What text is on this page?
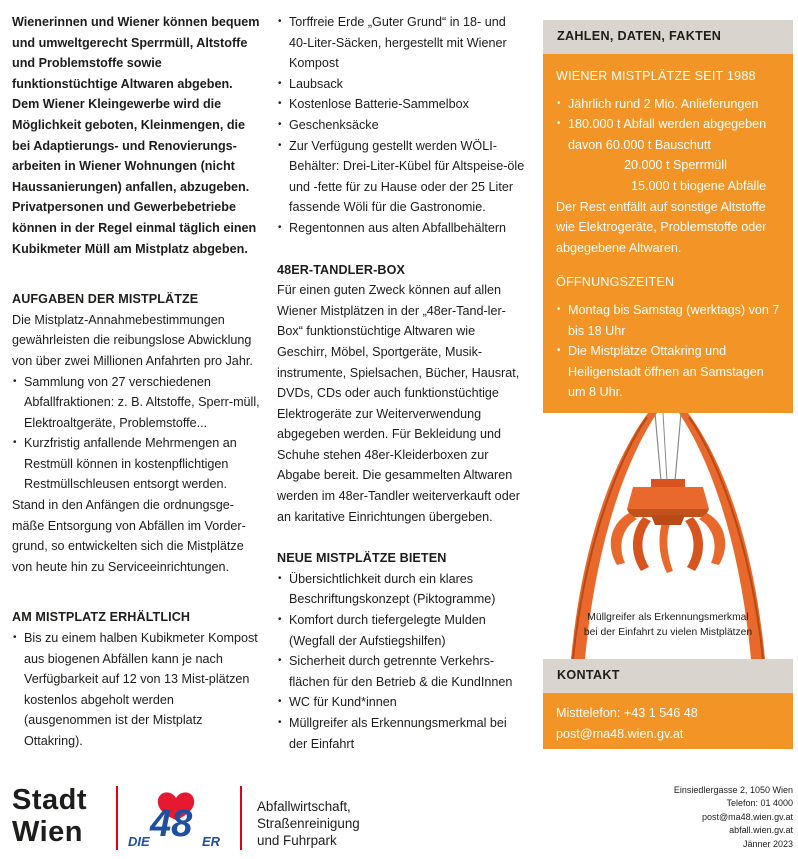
Wienerinnen und Wiener können bequem und umweltgerecht Sperrmüll, Altstoffe und Problemstoffe sowie funktionstüchtige Altwaren abgeben. Dem Wiener Kleingewerbe wird die Möglichkeit geboten, Kleinmengen, die bei Adaptierungs- und Renovierungs-arbeiten in Wiener Wohnungen (nicht Haussanierungen) anfallen, abzugeben. Privatpersonen und Gewerbebetriebe können in der Regel einmal täglich einen Kubikmeter Müll am Mistplatz abgeben.

AUFGABEN DER MISTPLÄTZE

Die Mistplatz-Annahmebestimmungen gewährleisten die reibungslose Abwicklung von über zwei Millionen Anfahrten pro Jahr.

• Sammlung von 27 verschiedenen Abfallfraktionen: z. B. Altstoffe, Sperr-müll, Elektroaltgeräte, Problemstoffe...
• Kurzfristig anfallende Mehrmengen an Restmüll können in kostenpflichtigen Restmüllschleusen entsorgt werden.

Stand in den Anfängen die ordnungsge-mäße Entsorgung von Abfällen im Vorder-grund, so entwickelten sich die Mistplätze von heute hin zu Serviceeinrichtungen.

AM MISTPLATZ ERHÄLTLICH
• Bis zu einem halben Kubikmeter Kompost aus biogenen Abfällen kann je nach Verfügbarkeit auf 12 von 13 Mist-plätzen kostenlos abgeholt werden (ausgenommen ist der Mistplatz Ottakring).
• Torffreie Erde „Guter Grund“ in 18- und 40-Liter-Säcken, hergestellt mit Wiener Kompost
• Laubsack
• Kostenlose Batterie-Sammelbox
• Geschenksäcke
• Zur Verfügung gestellt werden WÖLI-Behälter: Drei-Liter-Kübel für Altspeise-öle und -fette für zu Hause oder der 25 Liter fassende Wöli für die Gastronomie.
• Regentonnen aus alten Abfallbehältern
48ER-TANDLER-BOX

Für einen guten Zweck können auf allen Wiener Mistplätzen in der „48er-Tand-ler-Box“ funktionstüchtige Altwaren wie Geschirr, Möbel, Sportgeräte, Musik-instrumente, Spielsachen, Bücher, Hausrat, DVDs, CDs oder auch funktionstüchtige Elektrogeräte zur Weiterverwendung abgegeben werden. Für Bekleidung und Schuhe stehen 48er-Kleiderboxen zur Abgabe bereit. Die gesammelten Altwaren werden im 48er-Tandler weiterverkauft oder an karitative Einrichtungen übergeben.

NEUE MISTPLÄTZE BIETEN
• Übersichtlichkeit durch ein klares Beschriftungskonzept (Piktogramme)
• Komfort durch tiefergelegte Mulden (Wegfall der Aufstiegshilfen)
• Sicherheit durch getrennte Verkehrs-flächen für den Betrieb & die KundInnen
• WC für Kund*innen
• Müllgreifer als Erkennungsmerkmal bei der Einfahrt
ZAHLEN, DATEN, FAKTEN
WIENER MISTPLÄTZE SEIT 1988
• Jährlich rund 2 Mio. Anlieferungen
• 180.000 t Abfall werden abgegeben
davon 60.000 t Bauschutt
20.000 t Sperrmüll
15.000 t biogene Abfälle

Der Rest entfällt auf sonstige Altstoffe wie Elektrogeräte, Problemstoffe oder abgegebene Altwaren.

ÖFFNUNGSZEITEN
• Montag bis Samstag (werktags) von 7 bis 18 Uhr
• Die Mistplätze Ottakring und Heiligenstadt öffnen an Samstagen um 8 Uhr.
Müllgreifer als Erkennungsmerkmal
bei der Einfahrt zu vielen Mistplätzen
KONTAKT
Misttelefon: +43 1 546 48
post@ma48.wien.gv.at
Stadt
Wien 48
DIE	ER
Abfallwirtschaft,
Straßenreinigung
und Fuhrpark
Einsiedlergasse 2, 1050 Wien
Telefon: 01 4000
post@ma48.wien.gv.at
abfall.wien.gv.at
Jänner 2023
